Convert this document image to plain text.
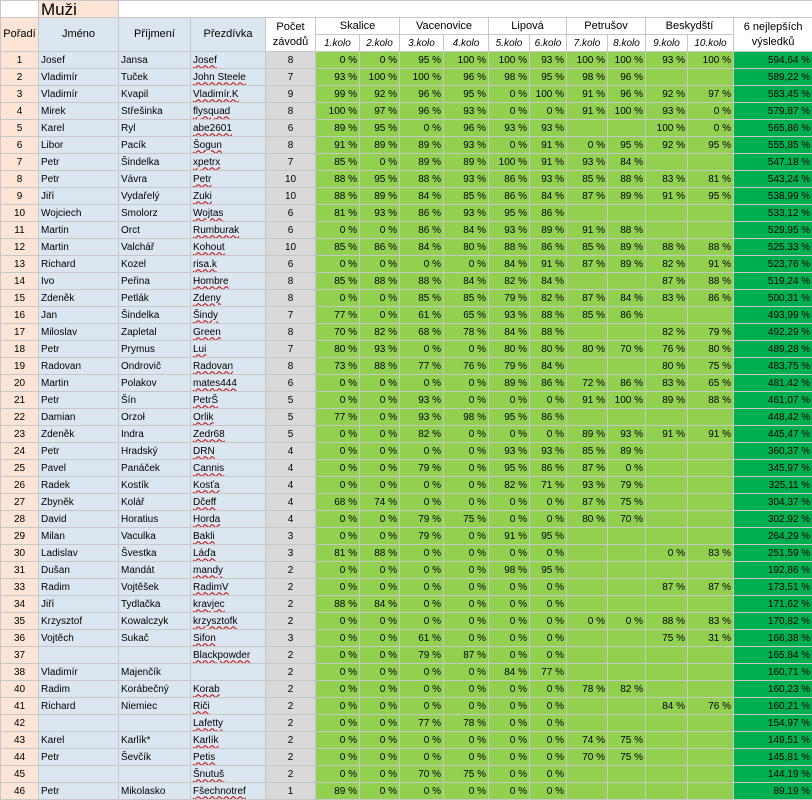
	Muži														
Pořadí	Jméno	Příjmení	Přezdívka	Počet závodů	Skalice		Vacenovice		Lipová		Petrušov		Beskydští		6 nejlepších výsledků
					1.kolo	2.kolo	3.kolo	4.kolo	5.kolo	6.kolo	7.kolo	8.kolo	9.kolo	10.kolo	
1	Josef	Jansa	Josef	8	0 %	0 %	95 %	100 %	100 %	93 %	100 %	100 %	93 %	100 %	594,64 %
2	Vladimír	Tuček	John Steele	7	93 %	100 %	100 %	96 %	98 %	95 %	98 %	96 %			589,22 %
3	Vladimír	Kvapil	Vladimír.K	9	99 %	92 %	96 %	95 %	0 %	100 %	91 %	96 %	92 %	97 %	583,45 %
4	Mirek	Střešinka	flysquad	8	100 %	97 %	96 %	93 %	0 %	0 %	91 %	100 %	93 %	0 %	579,87 %
5	Karel	Ryl	abe2601	6	89 %	95 %	0 %	96 %	93 %	93 %			100 %	0 %	565,86 %
6	Libor	Pacík	Šogun	8	91 %	89 %	89 %	93 %	0 %	91 %	0 %	95 %	92 %	95 %	555,85 %
7	Petr	Šindelka	xpetrx	7	85 %	0 %	89 %	89 %	100 %	91 %	93 %	84 %			547,18 %
8	Petr	Vávra	Petr	10	88 %	95 %	88 %	93 %	86 %	93 %	85 %	88 %	83 %	81 %	543,24 %
9	Jiří	Vydařelý	Zuki	10	88 %	89 %	84 %	85 %	86 %	84 %	87 %	89 %	91 %	95 %	538,99 %
10	Wojciech	Smolorz	Wojtas	6	81 %	93 %	86 %	93 %	95 %	86 %					533,12 %
11	Martin	Orct	Rumburak	6	0 %	0 %	86 %	84 %	93 %	89 %	91 %	88 %			529,95 %
12	Martin	Valchář	Kohout	10	85 %	86 %	84 %	80 %	88 %	86 %	85 %	89 %	88 %	88 %	525,33 %
13	Richard	Kozel	risa.k	6	0 %	0 %	0 %	0 %	84 %	91 %	87 %	89 %	82 %	91 %	523,76 %
14	Ivo	Peřina	Hombre	8	85 %	88 %	88 %	84 %	82 %	84 %			87 %	88 %	519,24 %
15	Zdeněk	Petlák	Zdeny	8	0 %	0 %	85 %	85 %	79 %	82 %	87 %	84 %	83 %	86 %	500,31 %
16	Jan	Šindelka	Šindy	7	77 %	0 %	61 %	65 %	93 %	88 %	85 %	86 %			493,99 %
17	Miloslav	Zapletal	Green	8	70 %	82 %	68 %	78 %	84 %	88 %			82 %	79 %	492,29 %
18	Petr	Prymus	Lui	7	80 %	93 %	0 %	0 %	80 %	80 %	80 %	70 %	76 %	80 %	489,28 %
19	Radovan	Ondrovič	Radovan	8	73 %	88 %	77 %	76 %	79 %	84 %			80 %	75 %	483,75 %
20	Martin	Polakov	mates444	6	0 %	0 %	0 %	0 %	89 %	86 %	72 %	86 %	83 %	65 %	481,42 %
21	Petr	Šín	PetrŠ	5	0 %	0 %	93 %	0 %	0 %	0 %	91 %	100 %	89 %	88 %	461,07 %
22	Damian	Orzoł	Orlik	5	77 %	0 %	93 %	98 %	95 %	86 %					448,42 %
23	Zdeněk	Indra	Zedr68	5	0 %	0 %	82 %	0 %	0 %	0 %	89 %	93 %	91 %	91 %	445,47 %
24	Petr	Hradský	DRN	4	0 %	0 %	0 %	0 %	93 %	93 %	85 %	89 %			360,37 %
25	Pavel	Panáček	Cannis	4	0 %	0 %	79 %	0 %	95 %	86 %	87 %	0 %			345,97 %
26	Radek	Kostík	Kosťa	4	0 %	0 %	0 %	0 %	82 %	71 %	93 %	79 %			325,11 %
27	Zbyněk	Kolář	Dčeff	4	68 %	74 %	0 %	0 %	0 %	0 %	87 %	75 %			304,37 %
28	David	Horatius	Horda	4	0 %	0 %	79 %	75 %	0 %	0 %	80 %	70 %			302,92 %
29	Milan	Vaculka	Bakli	3	0 %	0 %	79 %	0 %	91 %	95 %					264,29 %
30	Ladislav	Švestka	Láďa	3	81 %	88 %	0 %	0 %	0 %	0 %			0 %	83 %	251,59 %
31	Dušan	Mandát	mandy	2	0 %	0 %	0 %	0 %	98 %	95 %					192,86 %
33	Radim	Vojtěšek	RadimV	2	0 %	0 %	0 %	0 %	0 %	0 %			87 %	87 %	173,51 %
34	Jiří	Tydlačka	kravjec	2	88 %	84 %	0 %	0 %	0 %	0 %					171,62 %
35	Krzysztof	Kowalczyk	krzysztofk	2	0 %	0 %	0 %	0 %	0 %	0 %	0 %	0 %	88 %	83 %	170,82 %
36	Vojtěch	Sukač	Sifon	3	0 %	0 %	61 %	0 %	0 %	0 %			75 %	31 %	166,38 %
37			Blackpowder	2	0 %	0 %	79 %	87 %	0 %	0 %					165,84 %
38	Vladimír	Majenčík		2	0 %	0 %	0 %	0 %	84 %	77 %					160,71 %
40	Radim	Korábečný	Korab	2	0 %	0 %	0 %	0 %	0 %	0 %	78 %	82 %			160,23 %
41	Richard	Niemiec	Riči	2	0 %	0 %	0 %	0 %	0 %	0 %			84 %	76 %	160,21 %
42			Lafetty	2	0 %	0 %	77 %	78 %	0 %	0 %					154,97 %
43	Karel	Karlík*	Karlík	2	0 %	0 %	0 %	0 %	0 %	0 %	74 %	75 %			149,51 %
44	Petr	Ševčík	Petis	2	0 %	0 %	0 %	0 %	0 %	0 %	70 %	75 %			145,81 %
45			Šnutuš	2	0 %	0 %	70 %	75 %	0 %	0 %					144,19 %
46	Petr	Mikolasko	Fšechnotref	1	89 %	0 %	0 %	0 %	0 %	0 %					89,19 %
